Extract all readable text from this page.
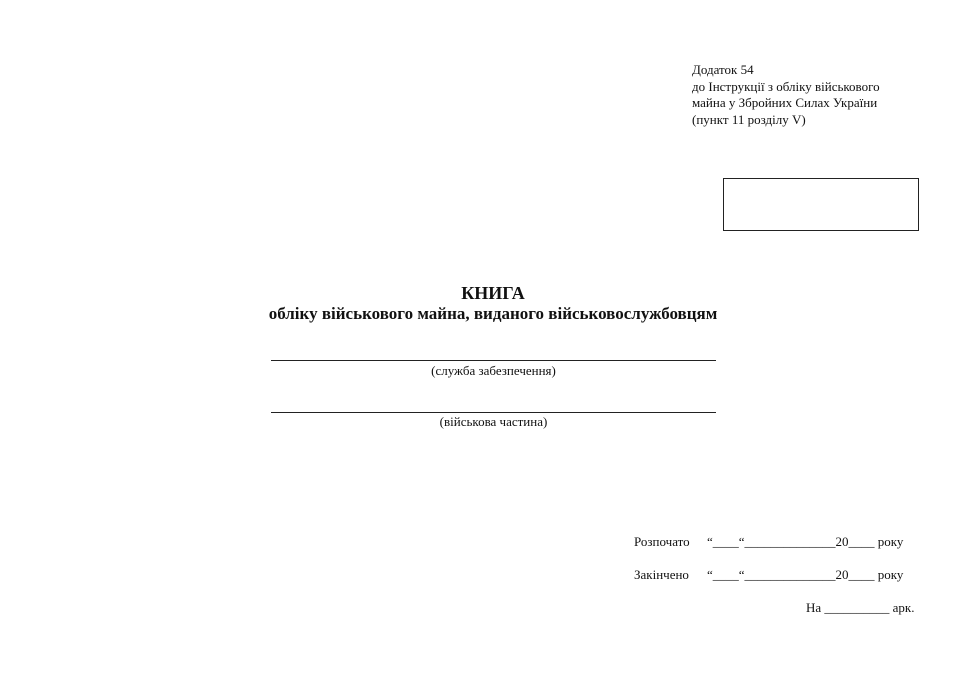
Додаток 54
до Інструкції з обліку військового
майна у Збройних Силах України
(пункт 11 розділу V)
КНИГА
обліку військового майна, виданого військовослужбовцям
(служба забезпечення)
(військова частина)
Розпочато “____“______________20____ року
Закінчено “____“______________20____ року
На __________ арк.
